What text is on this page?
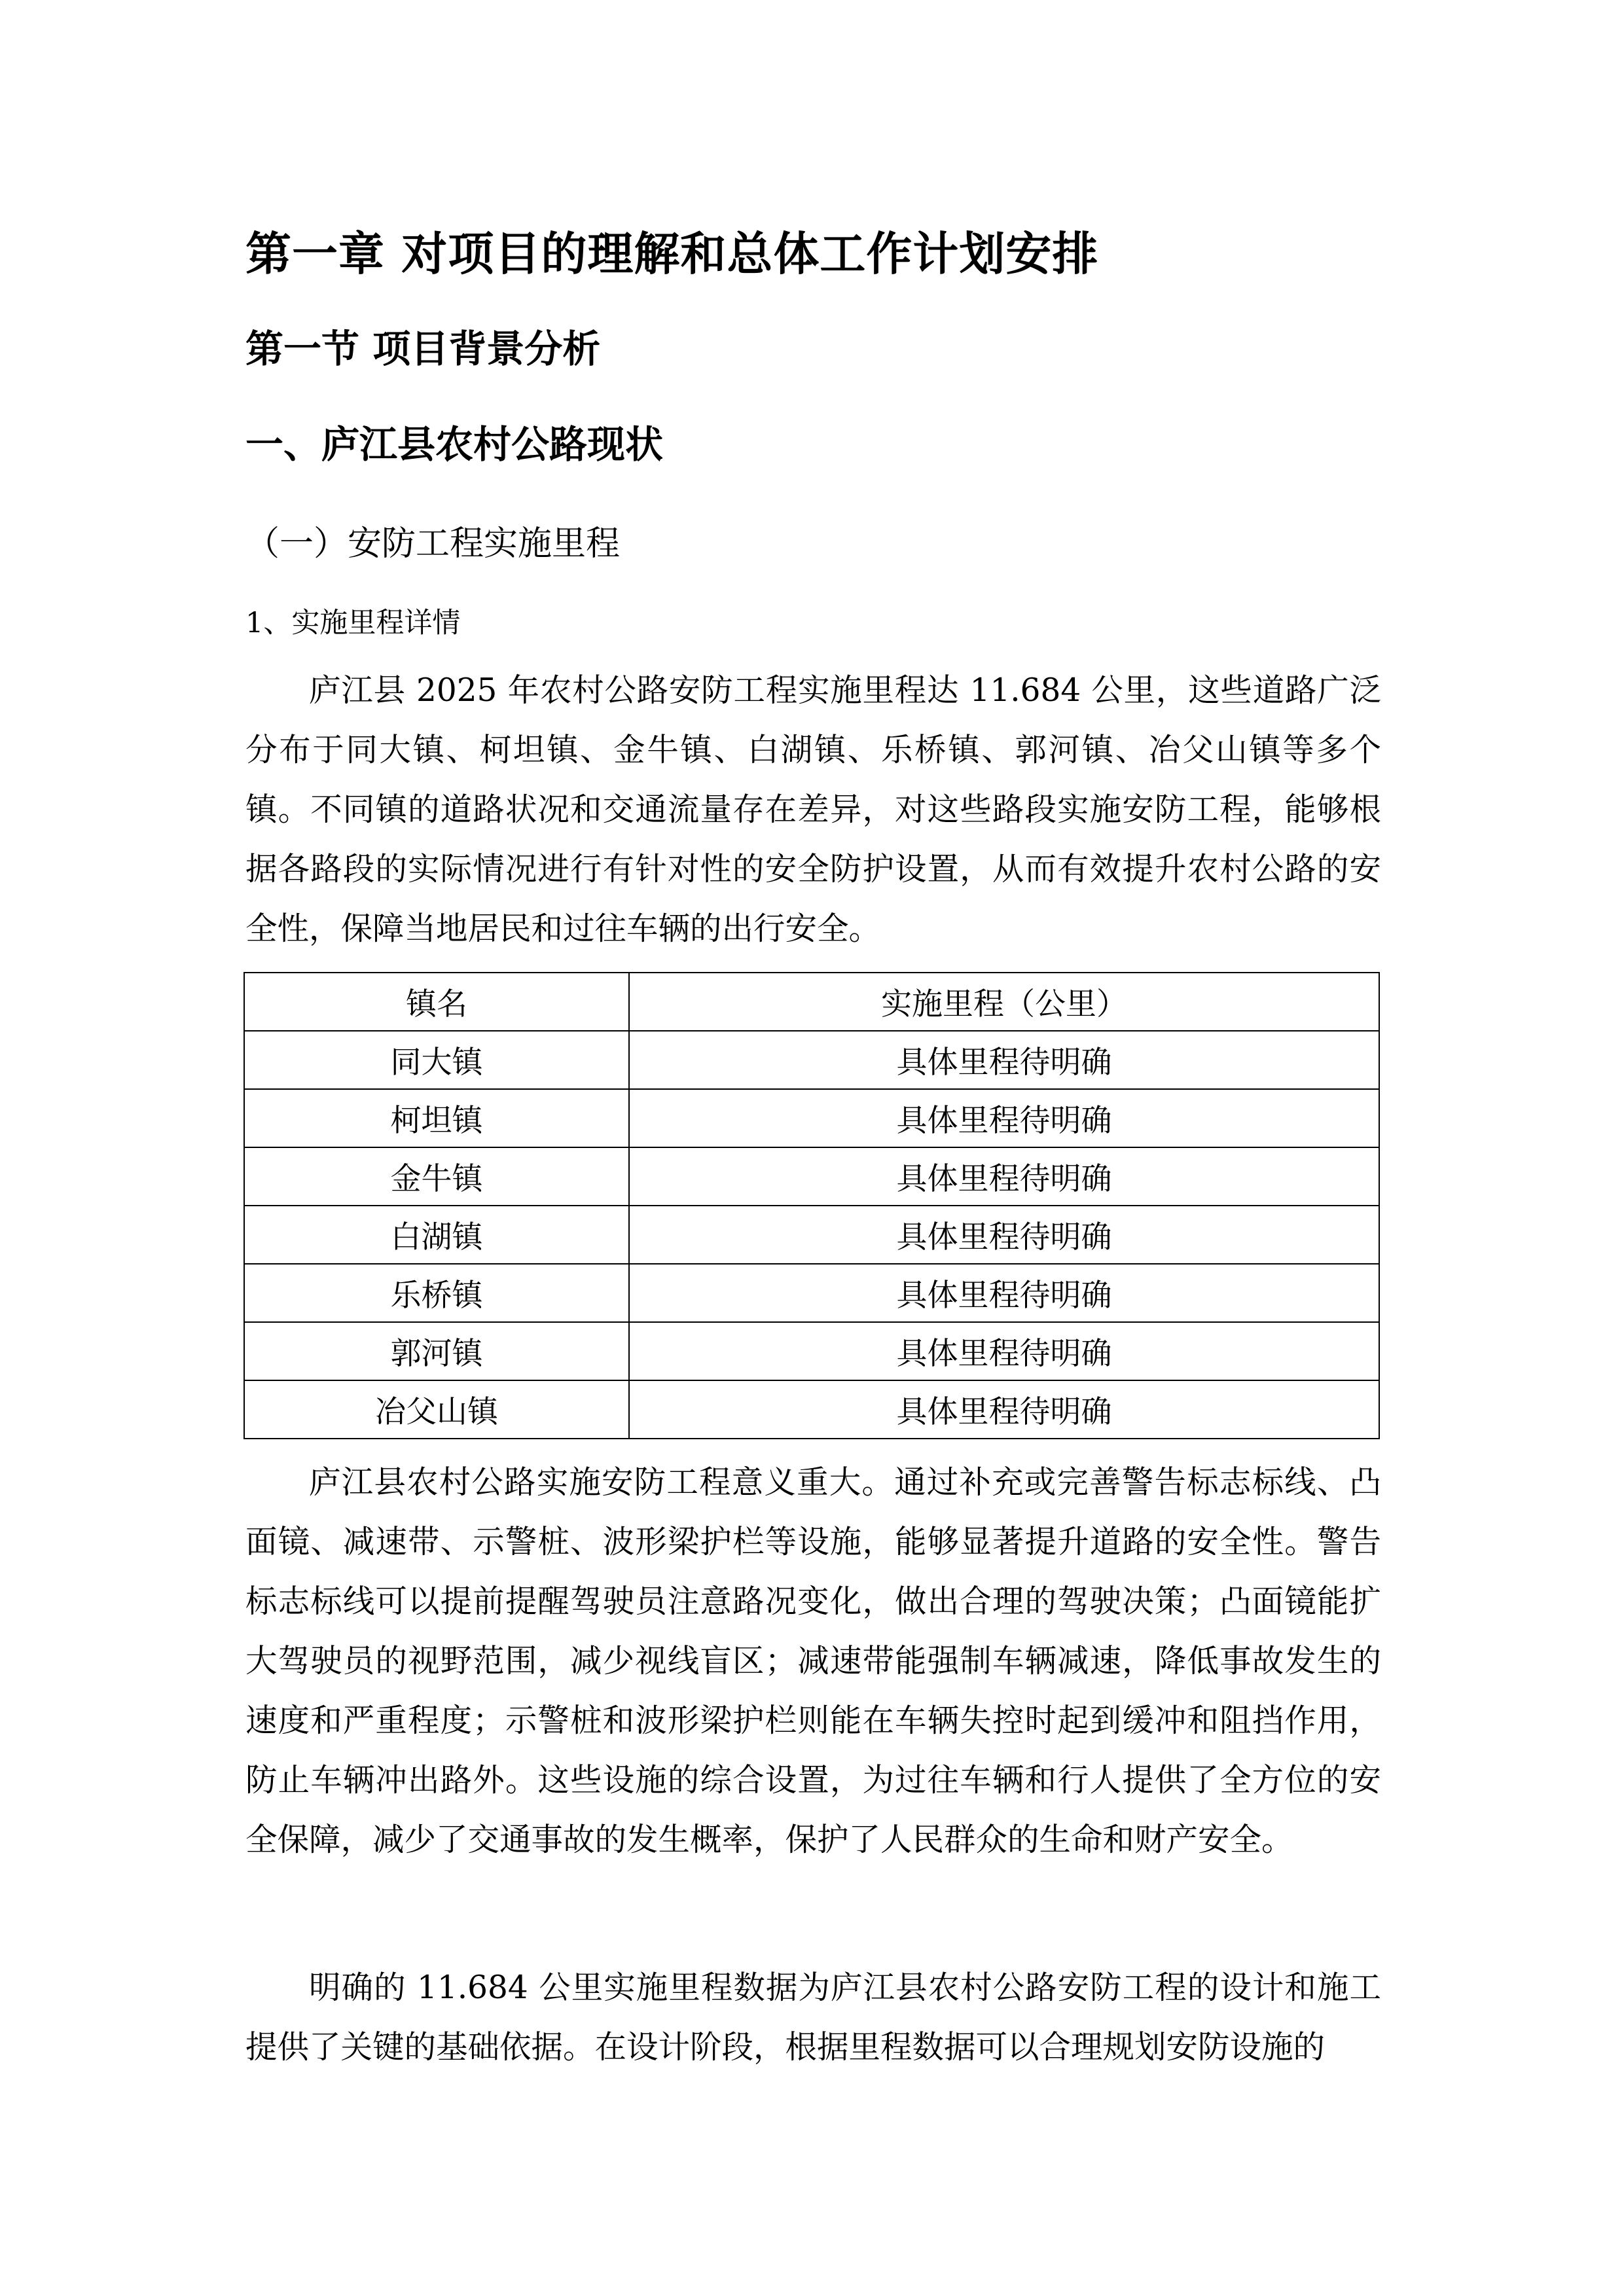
第一章 对项目的理解和总体工作计划安排
第一节 项目背景分析
一、庐江县农村公路现状
（一）安防工程实施里程
1、实施里程详情

庐江县 2025 年农村公路安防工程实施里程达 11.684 公里，这些道路广泛分布于同大镇、柯坦镇、金牛镇、白湖镇、乐桥镇、郭河镇、冶父山镇等多个镇。不同镇的道路状况和交通流量存在差异，对这些路段实施安防工程，能够根据各路段的实际情况进行有针对性的安全防护设置，从而有效提升农村公路的安全性，保障当地居民和过往车辆的出行安全。

镇名	实施里程（公里）
同大镇	具体里程待明确
柯坦镇	具体里程待明确
金牛镇	具体里程待明确
白湖镇	具体里程待明确
乐桥镇	具体里程待明确
郭河镇	具体里程待明确
冶父山镇	具体里程待明确

庐江县农村公路实施安防工程意义重大。通过补充或完善警告标志标线、凸面镜、减速带、示警桩、波形梁护栏等设施，能够显著提升道路的安全性。警告标志标线可以提前提醒驾驶员注意路况变化，做出合理的驾驶决策；凸面镜能扩大驾驶员的视野范围，减少视线盲区；减速带能强制车辆减速，降低事故发生的速度和严重程度；示警桩和波形梁护栏则能在车辆失控时起到缓冲和阻挡作用，防止车辆冲出路外。这些设施的综合设置，为过往车辆和行人提供了全方位的安全保障，减少了交通事故的发生概率，保护了人民群众的生命和财产安全。

明确的 11.684 公里实施里程数据为庐江县农村公路安防工程的设计和施工提供了关键的基础依据。在设计阶段，根据里程数据可以合理规划安防设施的
